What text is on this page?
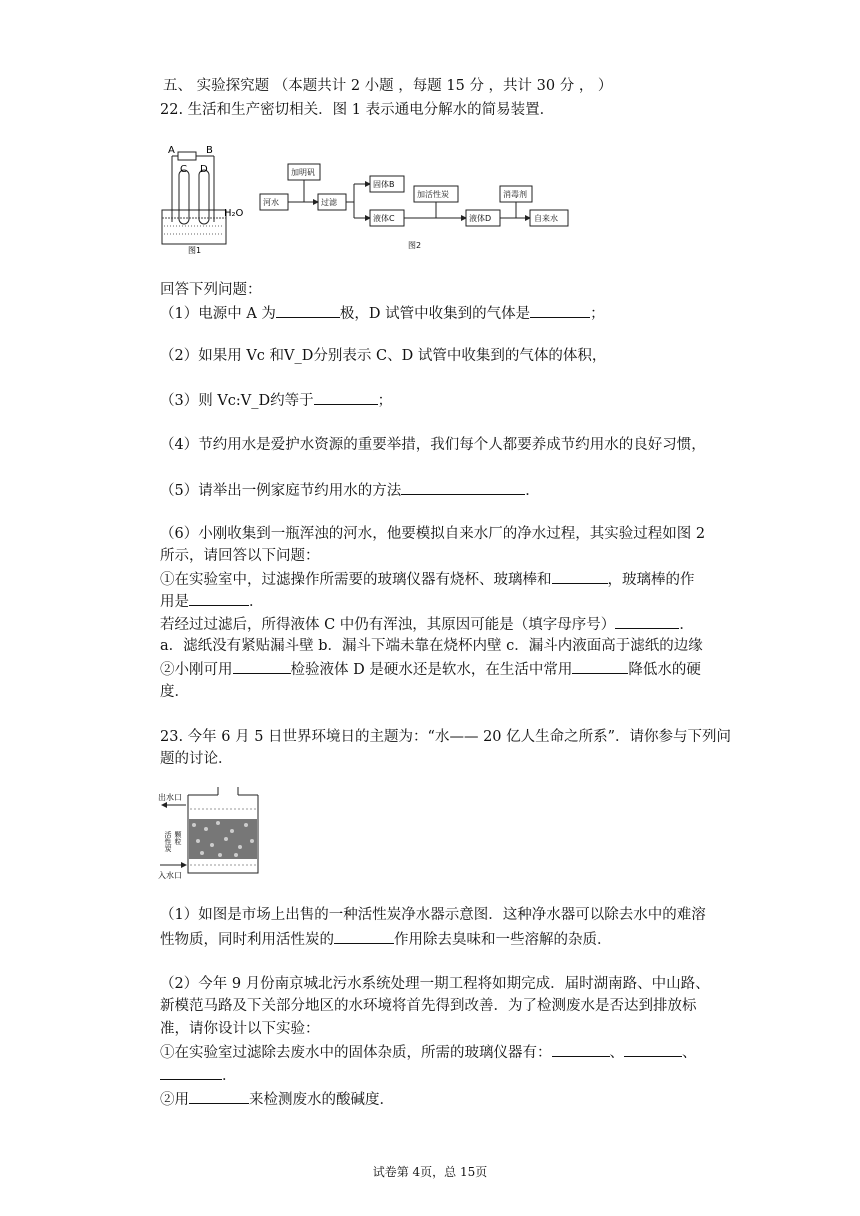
五、 实验探究题 （本题共计 2 小题 ，每题 15 分 ，共计 30 分 ， ）
22. 生活和生产密切相关．图 1 表示通电分解水的简易装置．
A	B
C D
H₂O
图1
河水
加明矾
过滤
固体B
液体C
加活性炭
液体D
消毒剂
自来水
图2
回答下列问题：
（1）电源中 A 为	极，D 试管中收集到的气体是	；
（2）如果用 Vc 和V_D分别表示 C、D 试管中收集到的气体的体积，
（3）则 Vc:V_D约等于	；
（4）节约用水是爱护水资源的重要举措，我们每个人都要养成节约用水的良好习惯，
（5）请举出一例家庭节约用水的方法	．
（6）小刚收集到一瓶浑浊的河水，他要模拟自来水厂的净水过程，其实验过程如图 2
所示，请回答以下问题：
①在实验室中，过滤操作所需要的玻璃仪器有烧杯、玻璃棒和	，玻璃棒的作
用是	．
若经过过滤后，所得液体 C 中仍有浑浊，其原因可能是（填字母序号）	．
a．滤纸没有紧贴漏斗壁 b．漏斗下端未靠在烧杯内壁 c．漏斗内液面高于滤纸的边缘
②小刚可用	检验液体 D 是硬水还是软水，在生活中常用	降低水的硬
度．
23. 今年 6 月 5 日世界环境日的主题为：“水—— 20 亿人生命之所系”．请你参与下列问
题的讨论．
出水口
入水口
活性炭 颗粒
（1）如图是市场上出售的一种活性炭净水器示意图．这种净水器可以除去水中的难溶
性物质，同时利用活性炭的	作用除去臭味和一些溶解的杂质．
（2）今年 9 月份南京城北污水系统处理一期工程将如期完成．届时湖南路、中山路、
新模范马路及下关部分地区的水环境将首先得到改善．为了检测废水是否达到排放标
准，请你设计以下实验：
①在实验室过滤除去废水中的固体杂质，所需的玻璃仪器有：	、	、
．
②用	来检测废水的酸碱度．
试卷第 4页，总 15页
